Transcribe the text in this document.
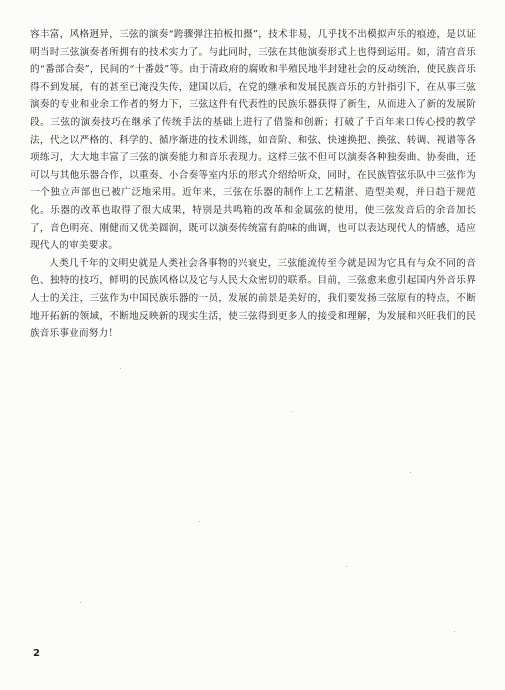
容丰富，风格迥异，三弦的演奏“跨骤弹注拍板扣摄”，技术非易，几乎找不出模拟声乐的痕迹，是以证明当时三弦演奏者所拥有的技术实力了。与此同时，三弦在其他演奏形式上也得到运用。如，清宫音乐的“番部合奏”，民间的“十番鼓”等。由于清政府的腐败和半殖民地半封建社会的反动统治，使民族音乐得不到发展，有的甚至已淹没失传，建国以后，在党的继承和发展民族音乐的方针指引下，在从事三弦演奏的专业和业余工作者的努力下，三弦这件有代表性的民族乐器获得了新生，从而进入了新的发展阶段。三弦的演奏技巧在继承了传统手法的基础上进行了借鉴和创新；打破了千百年来口传心授的教学法，代之以严格的、科学的、循序渐进的技术训练，如音阶、和弦、快速换把、换弦、转调、视谱等各项练习，大大地丰富了三弦的演奏能力和音乐表现力。这样三弦不但可以演奏各种独奏曲、协奏曲，还可以与其他乐器合作，以重奏、小合奏等室内乐的形式介绍给听众，同时，在民族管弦乐队中三弦作为一个独立声部也已被广泛地采用。近年来，三弦在乐器的制作上工艺精湛、造型美观，并日趋于规范化。乐器的改革也取得了很大成果，特别是共鸣箱的改革和金属弦的使用，使三弦发音后的余音加长了，音色明亮、刚健而又优美圆润，既可以演奏传统富有韵味的曲调，也可以表达现代人的情感，适应现代人的审美要求。

人类几千年的文明史就是人类社会各事物的兴衰史，三弦能流传至今就是因为它具有与众不同的音色、独特的技巧，鲜明的民族风格以及它与人民大众密切的联系。目前，三弦愈来愈引起国内外音乐界人士的关注，三弦作为中国民族乐器的一员，发展的前景是美好的，我们要发扬三弦原有的特点，不断地开拓新的领域，不断地反映新的现实生活，使三弦得到更多人的接受和理解，为发展和兴旺我们的民族音乐事业而努力！

2
